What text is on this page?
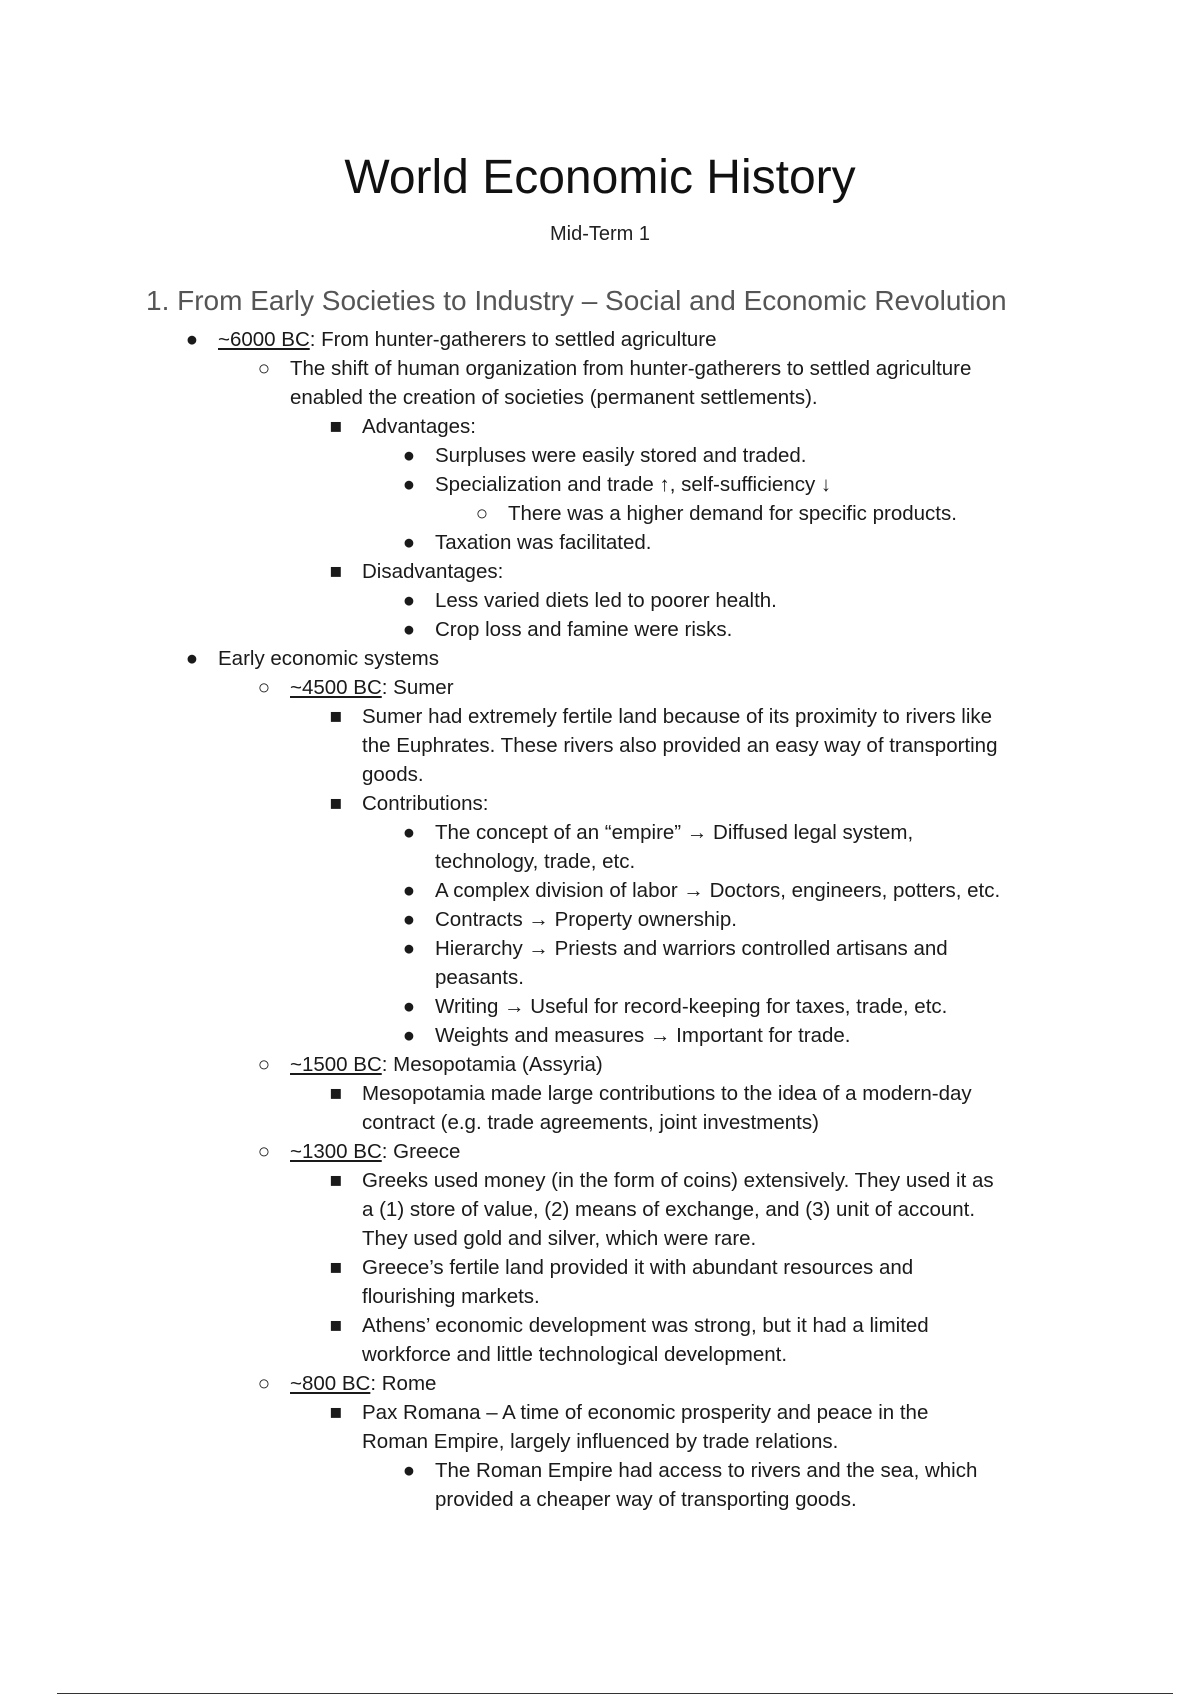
World Economic History
Mid-Term 1
1. From Early Societies to Industry – Social and Economic Revolution
● ~6000 BC: From hunter-gatherers to settled agriculture
○ The shift of human organization from hunter-gatherers to settled agriculture
enabled the creation of societies (permanent settlements).
■ Advantages:
● Surpluses were easily stored and traded.
● Specialization and trade ↑, self-sufficiency ↓
○ There was a higher demand for specific products.
● Taxation was facilitated.
■ Disadvantages:
● Less varied diets led to poorer health.
● Crop loss and famine were risks.
● Early economic systems
○ ~4500 BC: Sumer
■ Sumer had extremely fertile land because of its proximity to rivers like
the Euphrates. These rivers also provided an easy way of transporting
goods.
■ Contributions:
● The concept of an “empire” → Diffused legal system,
technology, trade, etc.
● A complex division of labor → Doctors, engineers, potters, etc.
● Contracts → Property ownership.
● Hierarchy → Priests and warriors controlled artisans and
peasants.
● Writing → Useful for record-keeping for taxes, trade, etc.
● Weights and measures → Important for trade.
○ ~1500 BC: Mesopotamia (Assyria)
■ Mesopotamia made large contributions to the idea of a modern-day
contract (e.g. trade agreements, joint investments)
○ ~1300 BC: Greece
■ Greeks used money (in the form of coins) extensively. They used it as
a (1) store of value, (2) means of exchange, and (3) unit of account.
They used gold and silver, which were rare.
■ Greece’s fertile land provided it with abundant resources and
flourishing markets.
■ Athens’ economic development was strong, but it had a limited
workforce and little technological development.
○ ~800 BC: Rome
■ Pax Romana – A time of economic prosperity and peace in the
Roman Empire, largely influenced by trade relations.
● The Roman Empire had access to rivers and the sea, which
provided a cheaper way of transporting goods.
